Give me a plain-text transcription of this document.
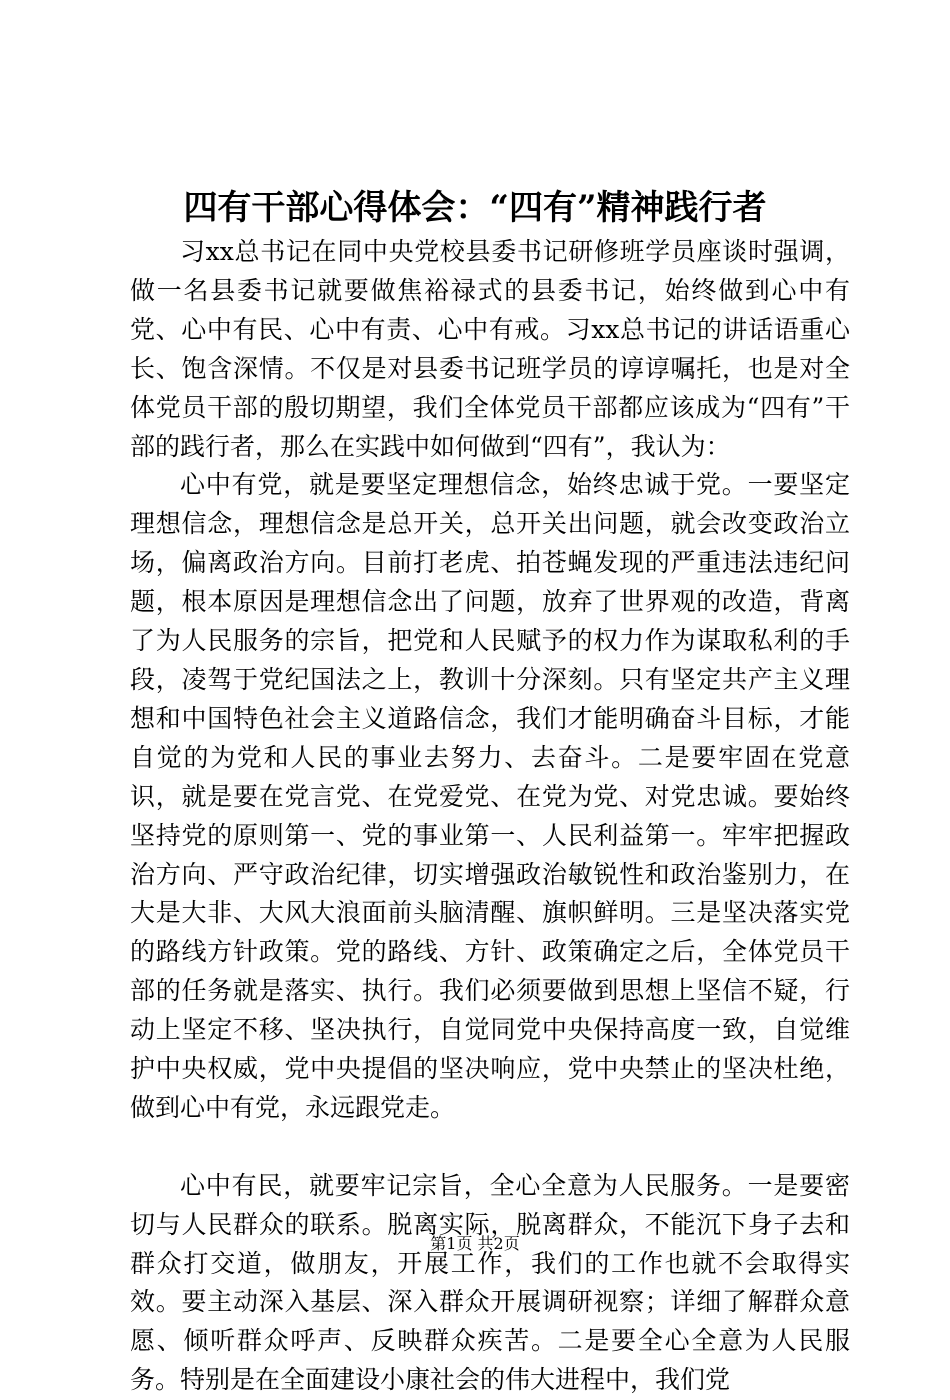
四有干部心得体会：“四有”精神践行者

习xx总书记在同中央党校县委书记研修班学员座谈时强调，做一名县委书记就要做焦裕禄式的县委书记，始终做到心中有党、心中有民、心中有责、心中有戒。习xx总书记的讲话语重心长、饱含深情。不仅是对县委书记班学员的谆谆嘱托，也是对全体党员干部的殷切期望，我们全体党员干部都应该成为“四有”干部的践行者，那么在实践中如何做到“四有”，我认为：

心中有党，就是要坚定理想信念，始终忠诚于党。一要坚定理想信念，理想信念是总开关，总开关出问题，就会改变政治立场，偏离政治方向。目前打老虎、拍苍蝇发现的严重违法违纪问题，根本原因是理想信念出了问题，放弃了世界观的改造，背离了为人民服务的宗旨，把党和人民赋予的权力作为谋取私利的手段，凌驾于党纪国法之上，教训十分深刻。只有坚定共产主义理想和中国特色社会主义道路信念，我们才能明确奋斗目标，才能自觉的为党和人民的事业去努力、去奋斗。二是要牢固在党意识，就是要在党言党、在党爱党、在党为党、对党忠诚。要始终坚持党的原则第一、党的事业第一、人民利益第一。牢牢把握政治方向、严守政治纪律，切实增强政治敏锐性和政治鉴别力，在大是大非、大风大浪面前头脑清醒、旗帜鲜明。三是坚决落实党的路线方针政策。党的路线、方针、政策确定之后，全体党员干部的任务就是落实、执行。我们必须要做到思想上坚信不疑，行动上坚定不移、坚决执行，自觉同党中央保持高度一致，自觉维护中央权威，党中央提倡的坚决响应，党中央禁止的坚决杜绝，做到心中有党，永远跟党走。

心中有民，就要牢记宗旨，全心全意为人民服务。一是要密切与人民群众的联系。脱离实际，脱离群众，不能沉下身子去和群众打交道，做朋友，开展工作，我们的工作也就不会取得实效。要主动深入基层、深入群众开展调研视察；详细了解群众意愿、倾听群众呼声、反映群众疾苦。二是要全心全意为人民服务。特别是在全面建设小康社会的伟大进程中，我们党

第1页 共2页
